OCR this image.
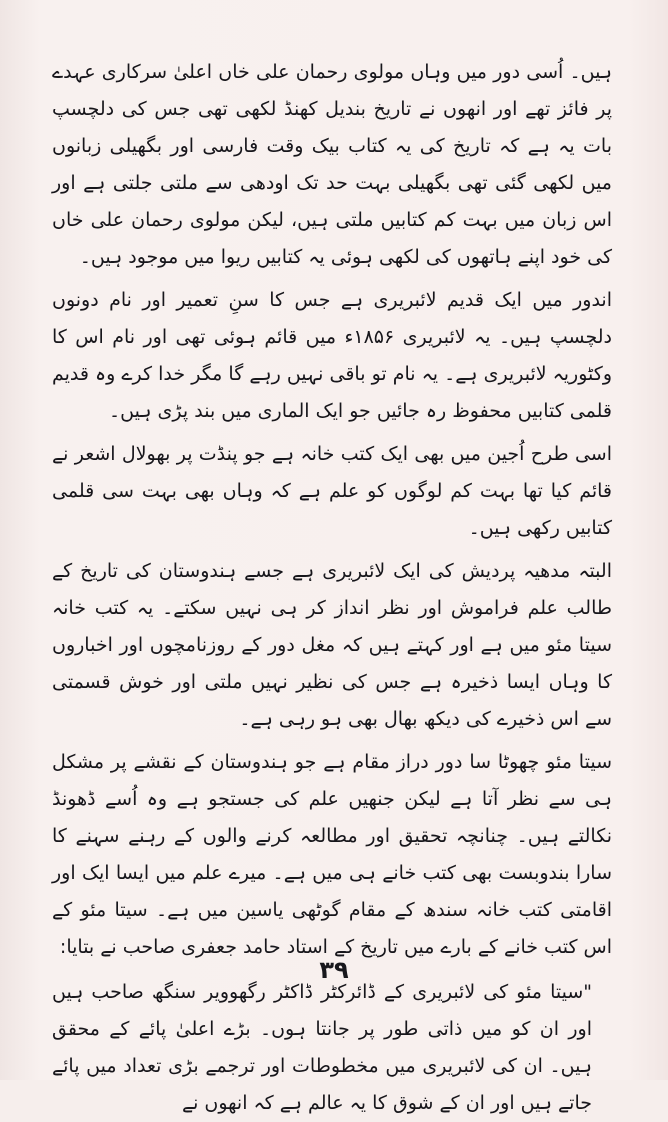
ہیں۔ اُسی دور میں وہاں مولوی رحمان علی خاں اعلیٰ سرکاری عہدے پر فائز تھے اور انھوں نے تاریخ بندیل کھنڈ لکھی تھی جس کی دلچسپ بات یہ ہے کہ تاریخ کی یہ کتاب بیک وقت فارسی اور بگھیلی زبانوں میں لکھی گئی تھی بگھیلی بہت حد تک اودھی سے ملتی جلتی ہے اور اس زبان میں بہت کم کتابیں ملتی ہیں، لیکن مولوی رحمان علی خاں کی خود اپنے ہاتھوں کی لکھی ہوئی یہ کتابیں ریوا میں موجود ہیں۔

اندور میں ایک قدیم لائبریری ہے جس کا سنِ تعمیر اور نام دونوں دلچسپ ہیں۔ یہ لائبریری ۱۸۵۶ء میں قائم ہوئی تھی اور نام اس کا وکٹوریہ لائبریری ہے۔ یہ نام تو باقی نہیں رہے گا مگر خدا کرے وہ قدیم قلمی کتابیں محفوظ رہ جائیں جو ایک الماری میں بند پڑی ہیں۔

اسی طرح اُجین میں بھی ایک کتب خانہ ہے جو پنڈت پر بھولال اشعر نے قائم کیا تھا بہت کم لوگوں کو علم ہے کہ وہاں بھی بہت سی قلمی کتابیں رکھی ہیں۔

البتہ مدھیہ پردیش کی ایک لائبریری ہے جسے ہندوستان کی تاریخ کے طالب علم فراموش اور نظر انداز کر ہی نہیں سکتے۔ یہ کتب خانہ سیتا مئو میں ہے اور کہتے ہیں کہ مغل دور کے روزنامچوں اور اخباروں کا وہاں ایسا ذخیرہ ہے جس کی نظیر نہیں ملتی اور خوش قسمتی سے اس ذخیرے کی دیکھ بھال بھی ہو رہی ہے۔

سیتا مئو چھوٹا سا دور دراز مقام ہے جو ہندوستان کے نقشے پر مشکل ہی سے نظر آتا ہے لیکن جنھیں علم کی جستجو ہے وہ اُسے ڈھونڈ نکالتے ہیں۔ چنانچہ تحقیق اور مطالعہ کرنے والوں کے رہنے سہنے کا سارا بندوبست بھی کتب خانے ہی میں ہے۔ میرے علم میں ایسا ایک اور اقامتی کتب خانہ سندھ کے مقام گوٹھی یاسین میں ہے۔ سیتا مئو کے اس کتب خانے کے بارے میں تاریخ کے استاد حامد جعفری صاحب نے بتایا:

"سیتا مئو کی لائبریری کے ڈائرکٹر ڈاکٹر رگھوویر سنگھ صاحب ہیں اور ان کو میں ذاتی طور پر جانتا ہوں۔ بڑے اعلیٰ پائے کے محقق ہیں۔ ان کی لائبریری میں مخطوطات اور ترجمے بڑی تعداد میں پائے جاتے ہیں اور ان کے شوق کا یہ عالم ہے کہ انھوں نے

۳۹
